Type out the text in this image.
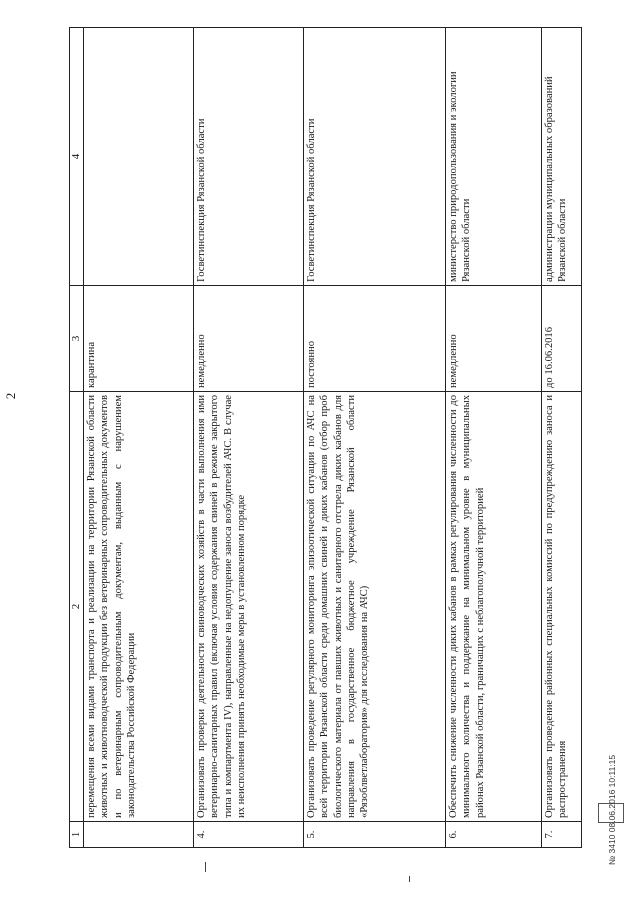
2
1	2	3	4
	перемещения всеми видами транспорта и реализации на территории Рязанской области животных и животноводческой продукции без ветеринарных сопроводительных документов и по ветеринарным сопроводительным документам, выданным с нарушением законодательства Российской Федерации	карантина	
4.	Организовать проверки деятельности свиноводческих хозяйств в части выполнения ими ветеринарно-санитарных правил (включая условия содержания свиней в режиме закрытого типа и компартмента IV), направленные на недопущение заноса возбудителей АЧС. В случае их неисполнения принять необходимые меры в установленном порядке	немедленно	Госветинспекция Рязанской области
5.	Организовать проведение регулярного мониторинга эпизоотической ситуации по АЧС на всей территории Рязанской области среди домашних свиней и диких кабанов (отбор проб биологического материала от павших животных и санитарного отстрела диких кабанов для направления в государственное бюджетное учреждение Рязанской области «Рязоблветлаборатория» для исследования на АЧС)	постоянно	Госветинспекция Рязанской области
6.	Обеспечить снижение численности диких кабанов в рамках регулирования численности до минимального количества и поддержание на минимальном уровне в муниципальных районах Рязанской области, граничащих с неблагополучной территорией	немедленно	министерство природопользования и экологии Рязанской области
7.	Организовать проведение районных специальных комиссий по предупреждению заноса и распространения	до 16.06.2016	администрации муниципальных образований Рязанской области
№ 3410 08.06.2016 10:11:15
